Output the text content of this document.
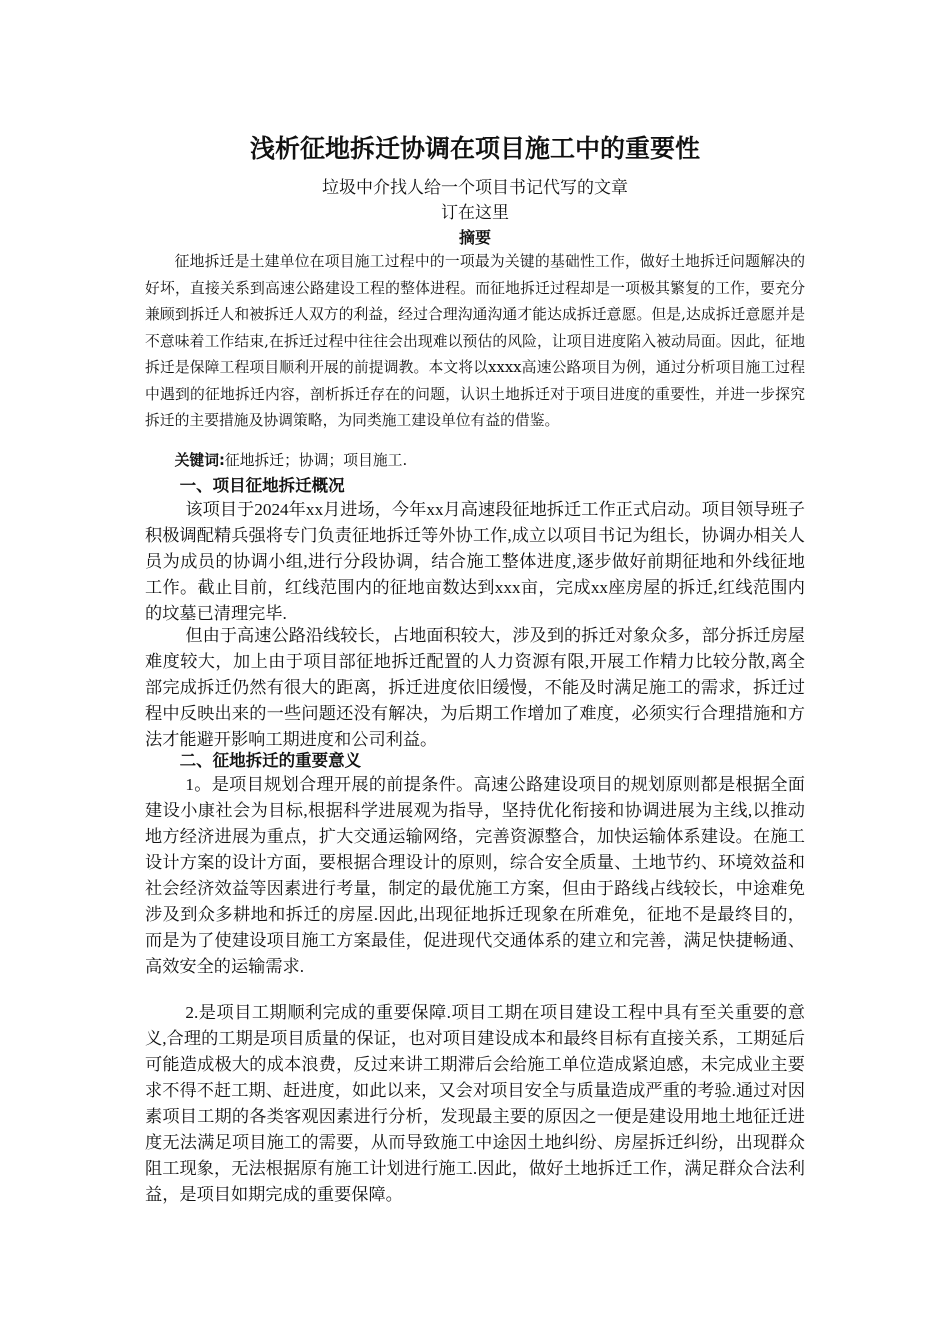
浅析征地拆迁协调在项目施工中的重要性
垃圾中介找人给一个项目书记代写的文章
订在这里
摘要

征地拆迁是土建单位在项目施工过程中的一项最为关键的基础性工作，做好土地拆迁问题解决的好坏，直接关系到高速公路建设工程的整体进程。而征地拆迁过程却是一项极其繁复的工作，要充分兼顾到拆迁人和被拆迁人双方的利益，经过合理沟通沟通才能达成拆迁意愿。但是,达成拆迁意愿并是不意味着工作结束,在拆迁过程中往往会出现难以预估的风险，让项目进度陷入被动局面。因此，征地拆迁是保障工程项目顺利开展的前提调教。本文将以xxxx高速公路项目为例，通过分析项目施工过程中遇到的征地拆迁内容，剖析拆迁存在的问题，认识土地拆迁对于项目进度的重要性，并进一步探究拆迁的主要措施及协调策略，为同类施工建设单位有益的借鉴。

关键词:征地拆迁；协调；项目施工.

一、项目征地拆迁概况

该项目于2024年xx月进场，今年xx月高速段征地拆迁工作正式启动。项目领导班子积极调配精兵强将专门负责征地拆迁等外协工作,成立以项目书记为组长，协调办相关人员为成员的协调小组,进行分段协调，结合施工整体进度,逐步做好前期征地和外线征地工作。截止目前，红线范围内的征地亩数达到xxx亩，完成xx座房屋的拆迁,红线范围内的坟墓已清理完毕.

但由于高速公路沿线较长，占地面积较大，涉及到的拆迁对象众多，部分拆迁房屋难度较大，加上由于项目部征地拆迁配置的人力资源有限,开展工作精力比较分散,离全部完成拆迁仍然有很大的距离，拆迁进度依旧缓慢，不能及时满足施工的需求，拆迁过程中反映出来的一些问题还没有解决，为后期工作增加了难度，必须实行合理措施和方法才能避开影响工期进度和公司利益。

二、征地拆迁的重要意义

1。是项目规划合理开展的前提条件。高速公路建设项目的规划原则都是根据全面建设小康社会为目标,根据科学进展观为指导，坚持优化衔接和协调进展为主线,以推动地方经济进展为重点，扩大交通运输网络，完善资源整合，加快运输体系建设。在施工设计方案的设计方面，要根据合理设计的原则，综合安全质量、土地节约、环境效益和社会经济效益等因素进行考量，制定的最优施工方案，但由于路线占线较长，中途难免涉及到众多耕地和拆迁的房屋.因此,出现征地拆迁现象在所难免，征地不是最终目的，而是为了使建设项目施工方案最佳，促进现代交通体系的建立和完善，满足快捷畅通、高效安全的运输需求.

2.是项目工期顺利完成的重要保障.项目工期在项目建设工程中具有至关重要的意义,合理的工期是项目质量的保证，也对项目建设成本和最终目标有直接关系，工期延后可能造成极大的成本浪费，反过来讲工期滞后会给施工单位造成紧迫感，未完成业主要求不得不赶工期、赶进度，如此以来，又会对项目安全与质量造成严重的考验.通过对因素项目工期的各类客观因素进行分析，发现最主要的原因之一便是建设用地土地征迁进度无法满足项目施工的需要，从而导致施工中途因土地纠纷、房屋拆迁纠纷，出现群众阻工现象，无法根据原有施工计划进行施工.因此，做好土地拆迁工作，满足群众合法利益，是项目如期完成的重要保障。
